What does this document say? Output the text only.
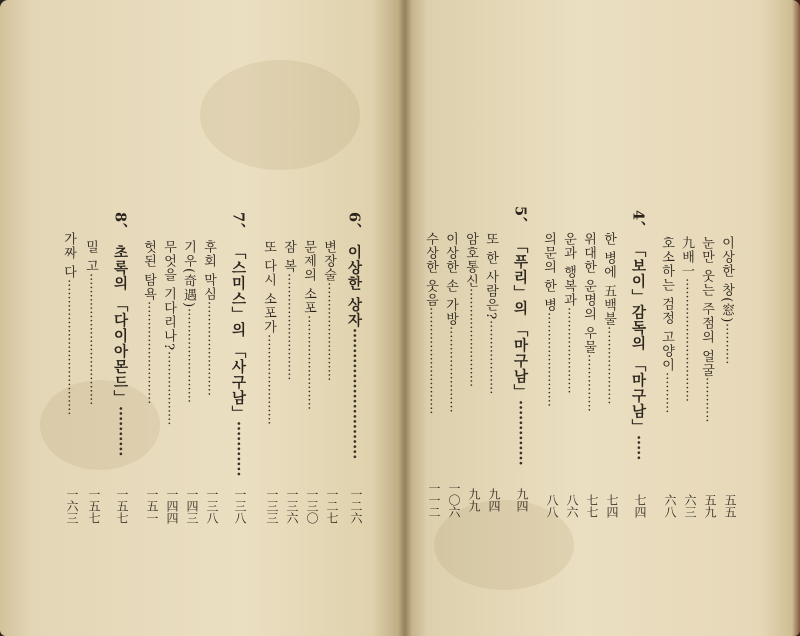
6、 이상한 상자··························
一二六
변장술························
一二七
문제의 소포·······················
一三〇
잠 복··························
一三六
또 다시 소포가······················
一三三
7、 「스미스」의 「사구남」···········
一三八
후회 막심·······················
一三八
기우(奇遇)·······················
一四三
무엇을 기다리나?··················
一四四
헛된 탐욕·························
一五一
8、 초록의 「다이아몬드」··········
一五七
밀 고································
一五七
가짜 다·································
一六三
이상한 창(窓)··········
五五
눈만 웃는 주점의 얼굴···········
五九
九배一······························
六三
호소하는 검정 고양이··········
六八
4、 「보이」감독의 「마구남」·····
七四
한 병에 五백불···················
七四
위대한 운명의 우물··············
七七
운과 행복과·····················
八六
의문의 한 병·······················
八八
5、 「푸리」의 「마구남」·············
九四
또 한 사람은?··················
九四
암호통신························
九九
이상한 손 가방·····················
一〇六
수상한 웃음··························
一一二
